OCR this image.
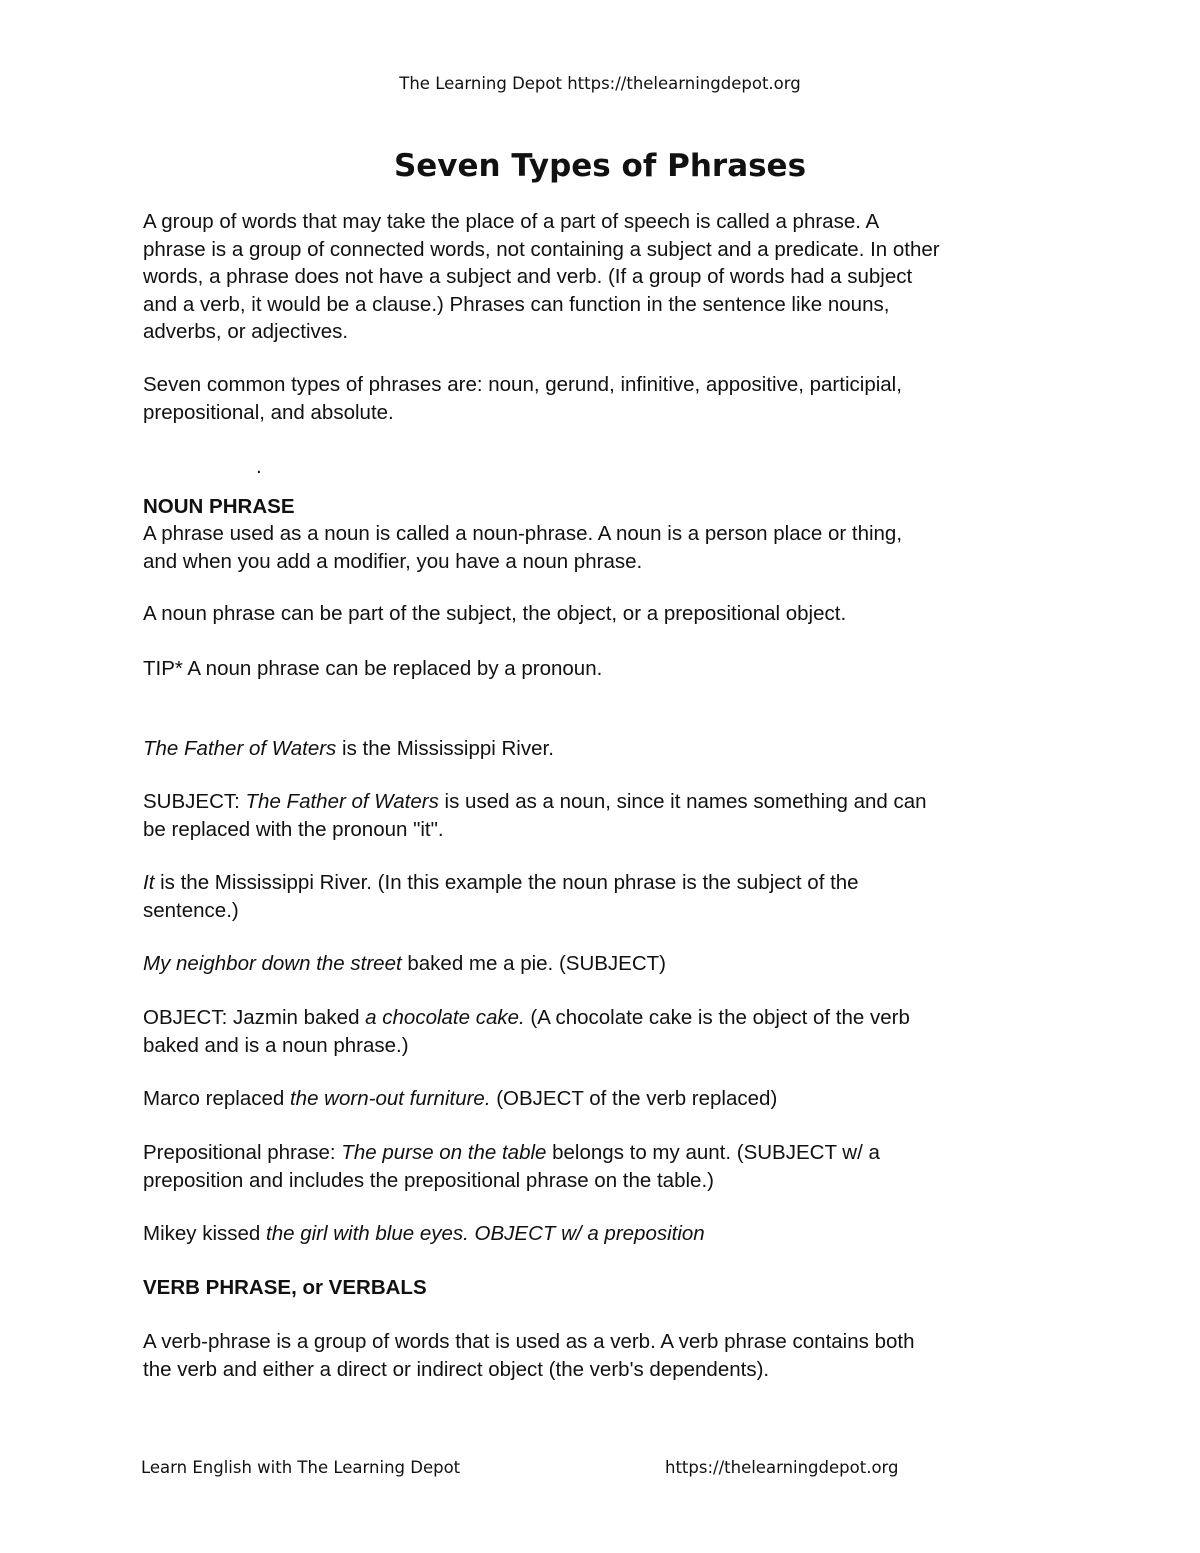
The Learning Depot https://thelearningdepot.org
Seven Types of Phrases

A group of words that may take the place of a part of speech is called a phrase. A

phrase is a group of connected words, not containing a subject and a predicate. In other

words, a phrase does not have a subject and verb. (If a group of words had a subject

and a verb, it would be a clause.) Phrases can function in the sentence like nouns,

adverbs, or adjectives.

Seven common types of phrases are: noun, gerund, infinitive, appositive, participial,

prepositional, and absolute.

.
NOUN PHRASE

A phrase used as a noun is called a noun-phrase. A noun is a person place or thing,

and when you add a modifier, you have a noun phrase.

A noun phrase can be part of the subject, the object, or a prepositional object.

TIP* A noun phrase can be replaced by a pronoun.

The Father of Waters is the Mississippi River.

SUBJECT: The Father of Waters is used as a noun, since it names something and can

be replaced with the pronoun "it".

It is the Mississippi River. (In this example the noun phrase is the subject of the

sentence.)

My neighbor down the street baked me a pie. (SUBJECT)

OBJECT: Jazmin baked a chocolate cake. (A chocolate cake is the object of the verb

baked and is a noun phrase.)

Marco replaced the worn-out furniture. (OBJECT of the verb replaced)

Prepositional phrase: The purse on the table belongs to my aunt. (SUBJECT w/ a

preposition and includes the prepositional phrase on the table.)

Mikey kissed the girl with blue eyes. OBJECT w/ a preposition

VERB PHRASE, or VERBALS

A verb-phrase is a group of words that is used as a verb. A verb phrase contains both

the verb and either a direct or indirect object (the verb's dependents).

Learn English with The Learning Depot	https://thelearningdepot.org
